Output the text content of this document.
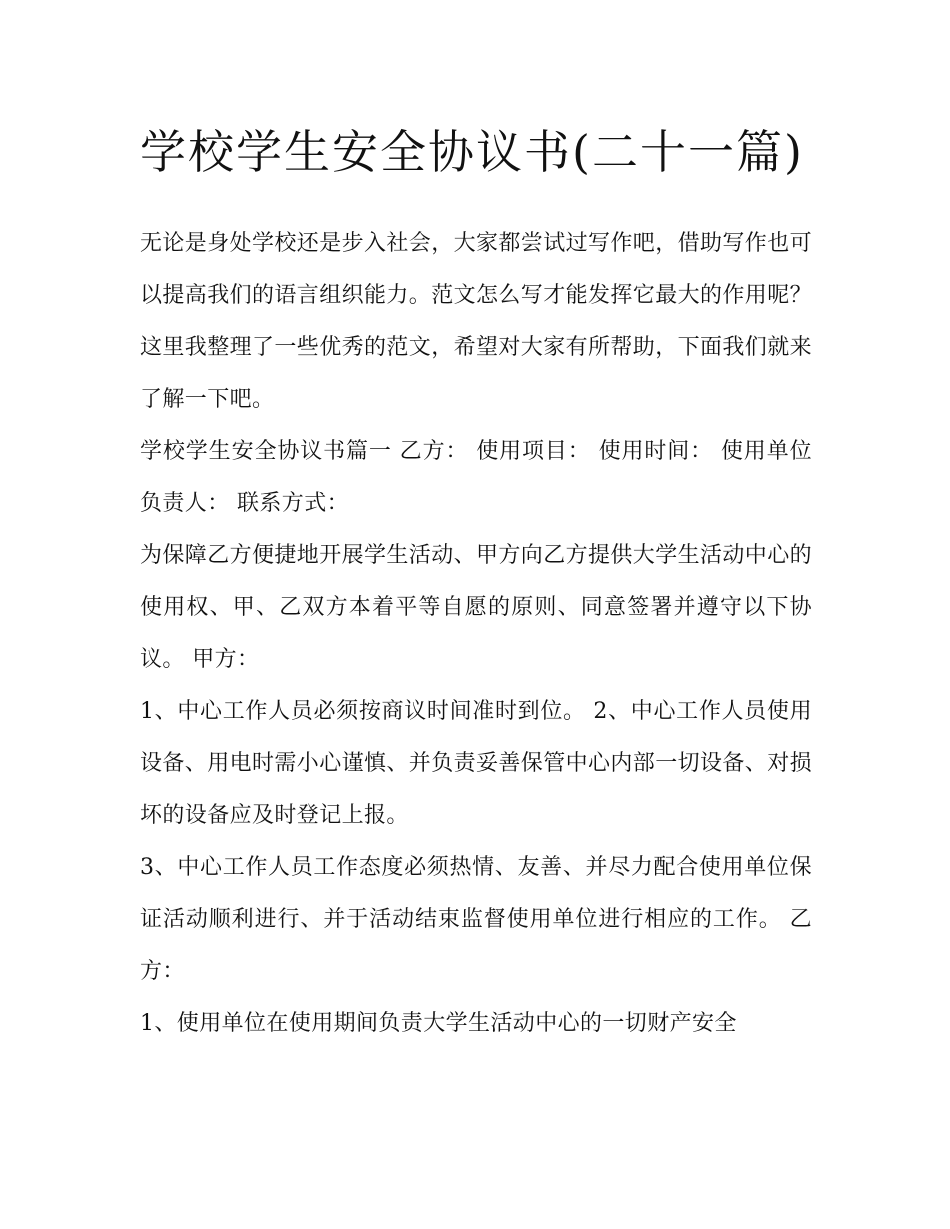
学校学生安全协议书(二十一篇)

无论是身处学校还是步入社会，大家都尝试过写作吧，借助写作也可以提高我们的语言组织能力。范文怎么写才能发挥它最大的作用呢？这里我整理了一些优秀的范文，希望对大家有所帮助，下面我们就来了解一下吧。

学校学生安全协议书篇一 乙方： 使用项目： 使用时间： 使用单位负责人： 联系方式：

为保障乙方便捷地开展学生活动、甲方向乙方提供大学生活动中心的使用权、甲、乙双方本着平等自愿的原则、同意签署并遵守以下协议。 甲方：

1、中心工作人员必须按商议时间准时到位。 2、中心工作人员使用设备、用电时需小心谨慎、并负责妥善保管中心内部一切设备、对损坏的设备应及时登记上报。

3、中心工作人员工作态度必须热情、友善、并尽力配合使用单位保证活动顺利进行、并于活动结束监督使用单位进行相应的工作。 乙方：

1、使用单位在使用期间负责大学生活动中心的一切财产安全
